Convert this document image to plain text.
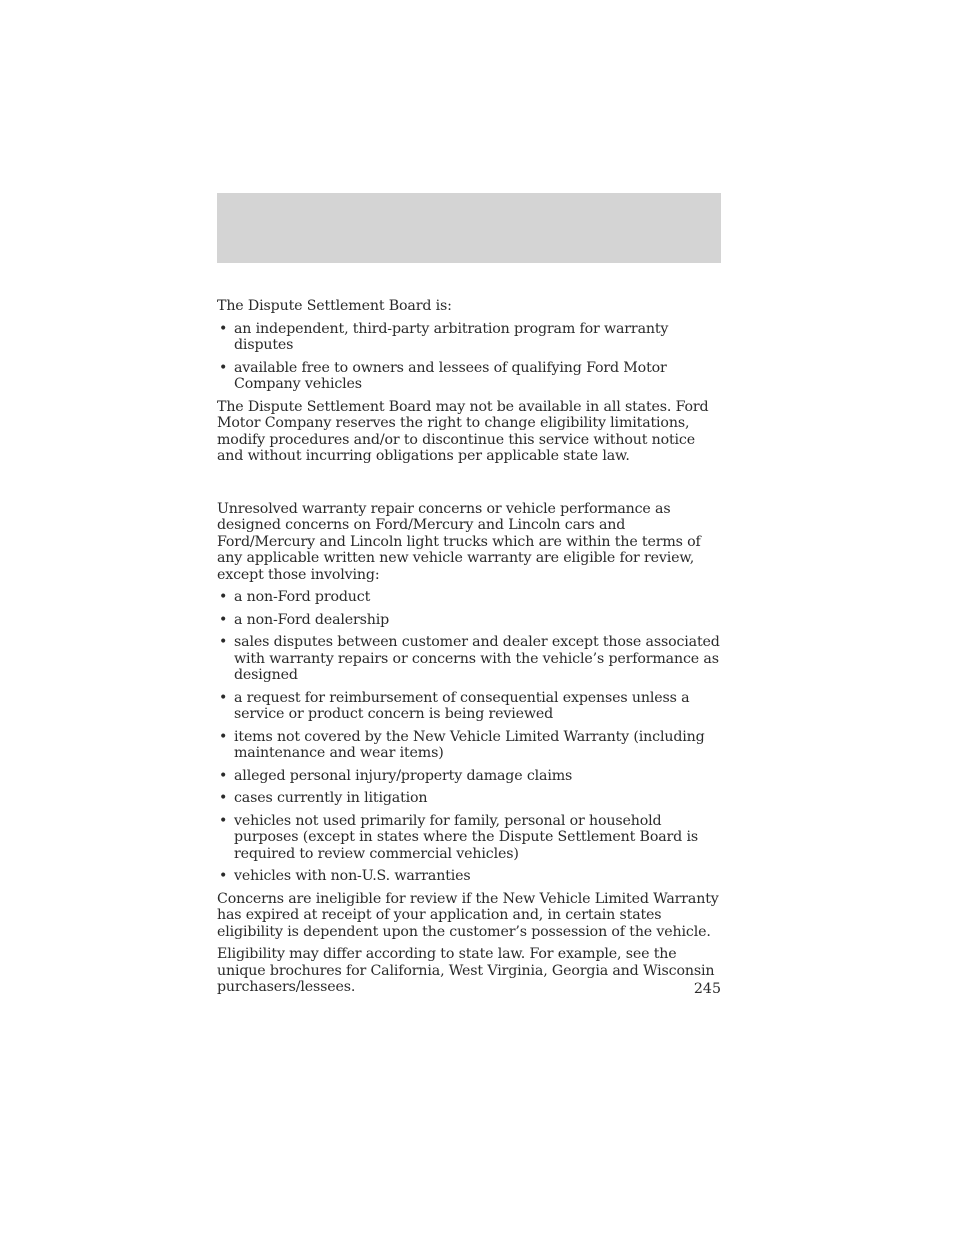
The Dispute Settlement Board is:

• an independent, third-party arbitration program for warranty disputes
• available free to owners and lessees of qualifying Ford Motor Company vehicles

The Dispute Settlement Board may not be available in all states. Ford Motor Company reserves the right to change eligibility limitations, modify procedures and/or to discontinue this service without notice and without incurring obligations per applicable state law.

Unresolved warranty repair concerns or vehicle performance as designed concerns on Ford/Mercury and Lincoln cars and Ford/Mercury and Lincoln light trucks which are within the terms of any applicable written new vehicle warranty are eligible for review, except those involving:

• a non-Ford product
• a non-Ford dealership
• sales disputes between customer and dealer except those associated with warranty repairs or concerns with the vehicle’s performance as designed
• a request for reimbursement of consequential expenses unless a service or product concern is being reviewed
• items not covered by the New Vehicle Limited Warranty (including maintenance and wear items)
• alleged personal injury/property damage claims
• cases currently in litigation
• vehicles not used primarily for family, personal or household purposes (except in states where the Dispute Settlement Board is required to review commercial vehicles)
• vehicles with non-U.S. warranties

Concerns are ineligible for review if the New Vehicle Limited Warranty has expired at receipt of your application and, in certain states eligibility is dependent upon the customer’s possession of the vehicle.

Eligibility may differ according to state law. For example, see the unique brochures for California, West Virginia, Georgia and Wisconsin purchasers/lessees.	245
